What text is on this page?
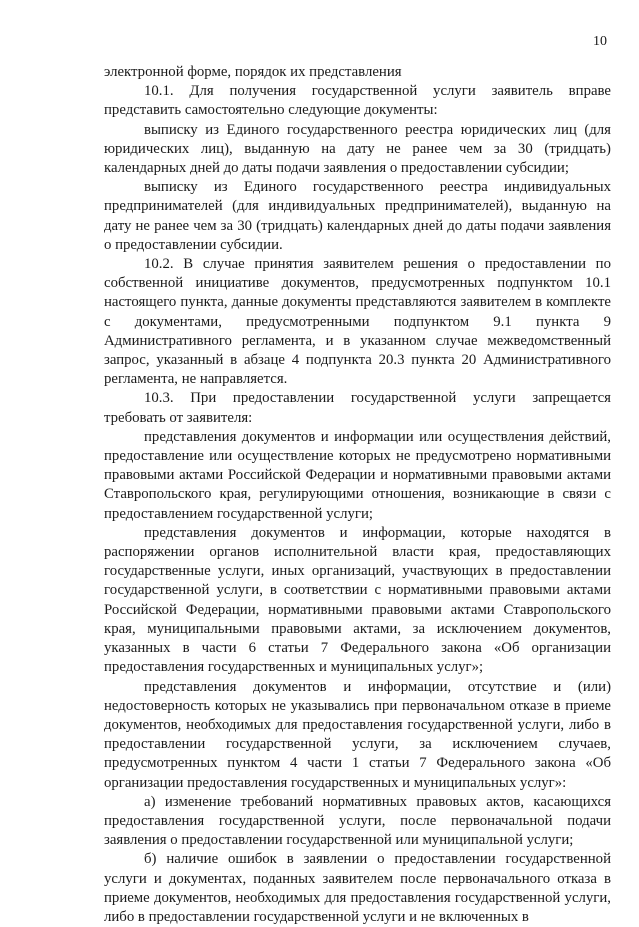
10

электронной форме, порядок их представления

10.1. Для получения государственной услуги заявитель вправе представить самостоятельно следующие документы:

выписку из Единого государственного реестра юридических лиц (для юридических лиц), выданную на дату не ранее чем за 30 (тридцать) календарных дней до даты подачи заявления о предоставлении субсидии;

выписку из Единого государственного реестра индивидуальных предпринимателей (для индивидуальных предпринимателей), выданную на дату не ранее чем за 30 (тридцать) календарных дней до даты подачи заявления о предоставлении субсидии.

10.2. В случае принятия заявителем решения о предоставлении по собственной инициативе документов, предусмотренных подпунктом 10.1 настоящего пункта, данные документы представляются заявителем в комплекте с документами, предусмотренными подпунктом 9.1 пункта 9 Административного регламента, и в указанном случае межведомственный запрос, указанный в абзаце 4 подпункта 20.3 пункта 20 Административного регламента, не направляется.

10.3. При предоставлении государственной услуги запрещается требовать от заявителя:

представления документов и информации или осуществления действий, предоставление или осуществление которых не предусмотрено нормативными правовыми актами Российской Федерации и нормативными правовыми актами Ставропольского края, регулирующими отношения, возникающие в связи с предоставлением государственной услуги;

представления документов и информации, которые находятся в распоряжении органов исполнительной власти края, предоставляющих государственные услуги, иных организаций, участвующих в предоставлении государственной услуги, в соответствии с нормативными правовыми актами Российской Федерации, нормативными правовыми актами Ставропольского края, муниципальными правовыми актами, за исключением документов, указанных в части 6 статьи 7 Федерального закона «Об организации предоставления государственных и муниципальных услуг»;

представления документов и информации, отсутствие и (или) недостоверность которых не указывались при первоначальном отказе в приеме документов, необходимых для предоставления государственной услуги, либо в предоставлении государственной услуги, за исключением случаев, предусмотренных пунктом 4 части 1 статьи 7 Федерального закона «Об организации предоставления государственных и муниципальных услуг»:

а) изменение требований нормативных правовых актов, касающихся предоставления государственной услуги, после первоначальной подачи заявления о предоставлении государственной или муниципальной услуги;

б) наличие ошибок в заявлении о предоставлении государственной услуги и документах, поданных заявителем после первоначального отказа в приеме документов, необходимых для предоставления государственной услуги, либо в предоставлении государственной услуги и не включенных в
